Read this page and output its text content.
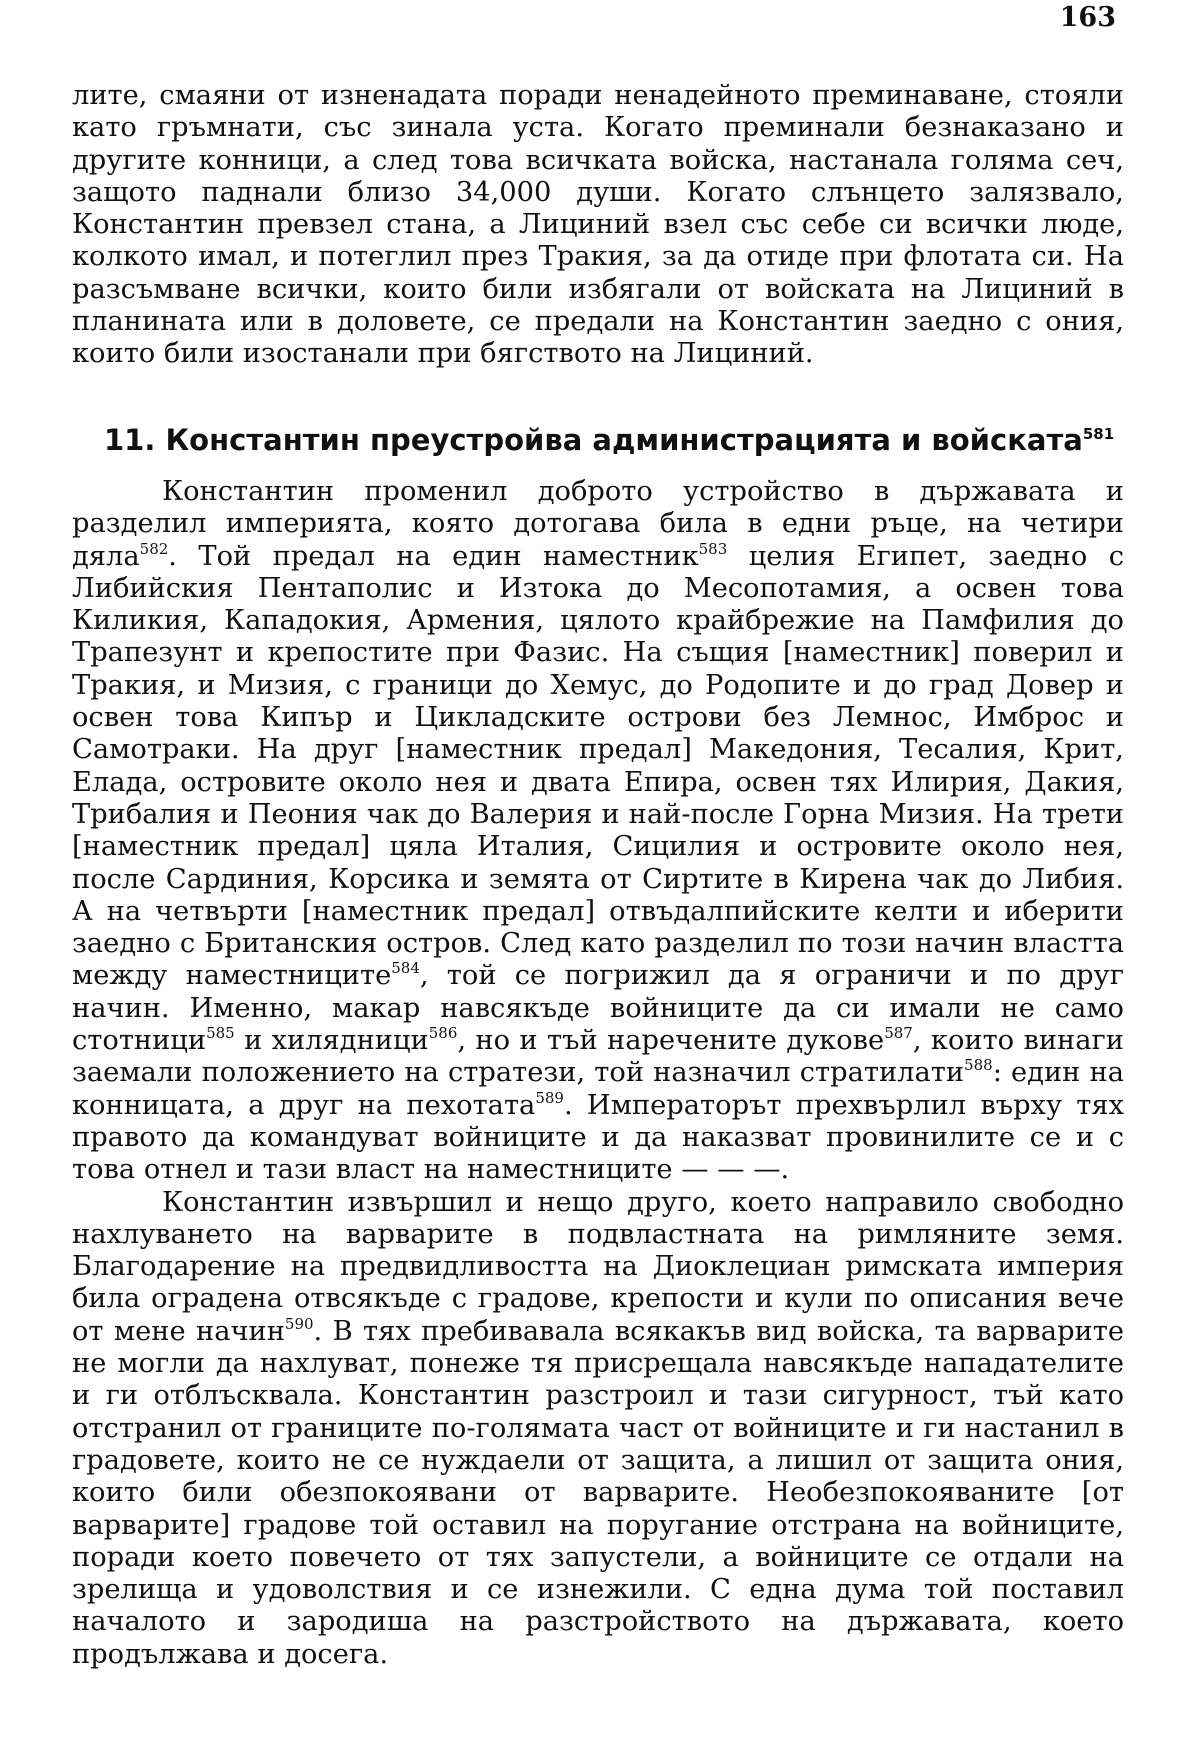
163
лите, смаяни от изненадата поради ненадейното преминаване, стояли като гръмнати, със зинала уста. Когато преминали безнаказано и другите конници, а след това всичката войска, настанала голяма сеч, защото паднали близо 34,000 души. Когато слънцето залязвало, Константин превзел стана, а Лициний взел със себе си всички люде, колкото имал, и потеглил през Тракия, за да отиде при флотата си. На разсъмване всички, които били избягали от войската на Лициний в планината или в доловете, се предали на Константин заедно с ония, които били изостанали при бягството на Лициний.
11. Константин преустройва администрацията и войската$^{581}$

Константин променил доброто устройство в държавата и разделил империята, която дотогава била в едни ръце, на четири дяла$^{582}$. Той предал на един наместник$^{583}$ целия Египет, заедно с Либийския Пентаполис и Изтока до Месопотамия, а освен това Киликия, Кападокия, Армения, цялото крайбрежие на Памфилия до Трапезунт и крепостите при Фазис. На същия [наместник] поверил и Тракия, и Мизия, с граници до Хемус, до Родопите и до град Довер и освен това Кипър и Цикладските острови без Лемнос, Имброс и Самотраки. На друг [наместник предал] Македония, Тесалия, Крит, Елада, островите около нея и двата Епира, освен тях Илирия, Дакия, Трибалия и Пеония чак до Валерия и най-после Горна Мизия. На трети [наместник предал] цяла Италия, Сицилия и островите около нея, после Сардиния, Корсика и земята от Сиртите в Кирена чак до Либия. А на четвърти [наместник предал] отвъдалпийските келти и иберити заедно с Британския остров. След като разделил по този начин властта между наместниците$^{584}$, той се погрижил да я ограничи и по друг начин. Именно, макар навсякъде войниците да си имали не само стотници$^{585}$ и хилядници$^{586}$, но и тъй наречените дукове$^{587}$, които винаги заемали положението на стратези, той назначил стратилати$^{588}$: един на конницата, а друг на пехотата$^{589}$. Императорът прехвърлил върху тях правото да командуват войниците и да наказват провинилите се и с това отнел и тази власт на наместниците — — —.

Константин извършил и нещо друго, което направило свободно нахлуването на варварите в подвластната на римляните земя. Благодарение на предвидливостта на Диоклециан римската империя била оградена отвсякъде с градове, крепости и кули по описания вече от мене начин$^{590}$. В тях пребивавала всякакъв вид войска, та варварите не могли да нахлуват, понеже тя присрещала навсякъде нападателите и ги отблъсквала. Константин разстроил и тази сигурност, тъй като отстранил от границите по-голямата част от войниците и ги настанил в градовете, които не се нуждаели от защита, а лишил от защита ония, които били обезпокоявани от варварите. Необезпокояваните [от варварите] градове той оставил на поругание отстрана на войниците, поради което повечето от тях запустели, а войниците се отдали на зрелища и удоволствия и се изнежили. С една дума той поставил началото и зародиша на разстройството на държавата, което продължава и досега.
